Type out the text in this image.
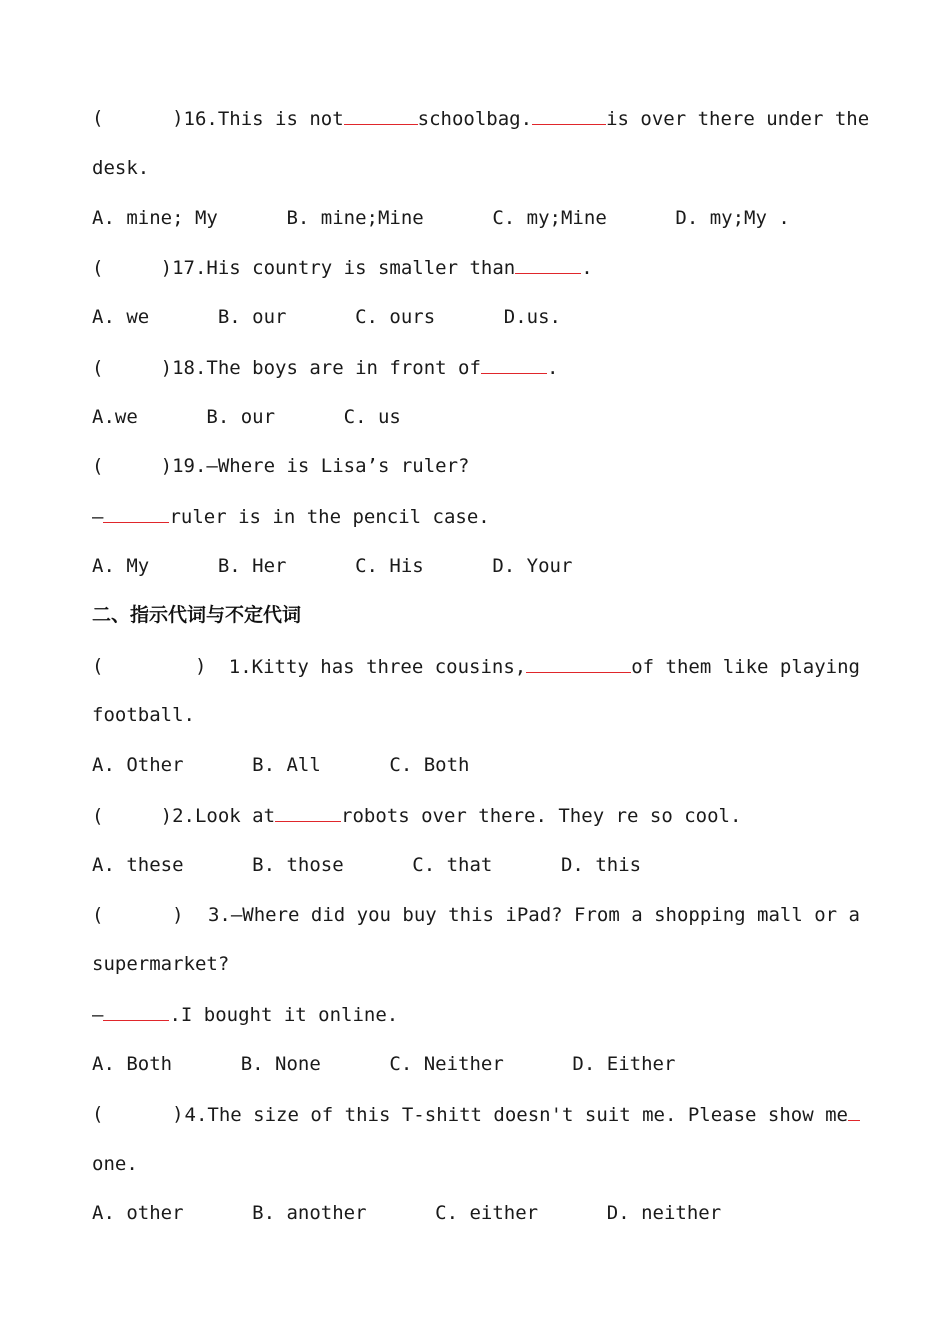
(      ) 16.This is not	schoolbag.	is over there under the
desk.
A. mine; My      B. mine;Mine      C. my;Mine      D. my;My .
(     )17.His country is smaller than	.
A. we      B. our      C. ours      D.us.
(     )18.The boys are in front of	.
A.we      B. our      C. us
(     )19.—Where is Lisa’s ruler?
—	ruler is in the pencil case.
A. My      B. Her      C. His      D. Your
二、指示代词与不定代词
(        ) 1.Kitty has three cousins,	of them like playing
football.
A. Other      B. All      C. Both
(     )2.Look at	robots over there. They re so cool.
A. these      B. those      C. that      D. this
(      ) 3.—Where did you buy this iPad? From a shopping mall or a
supermarket?
—	.I bought it online.
A. Both      B. None      C. Neither      D. Either
(      ) 4.The size of this T-shitt doesn't suit me. Please show me
one.
A. other      B. another      C. either      D. neither
